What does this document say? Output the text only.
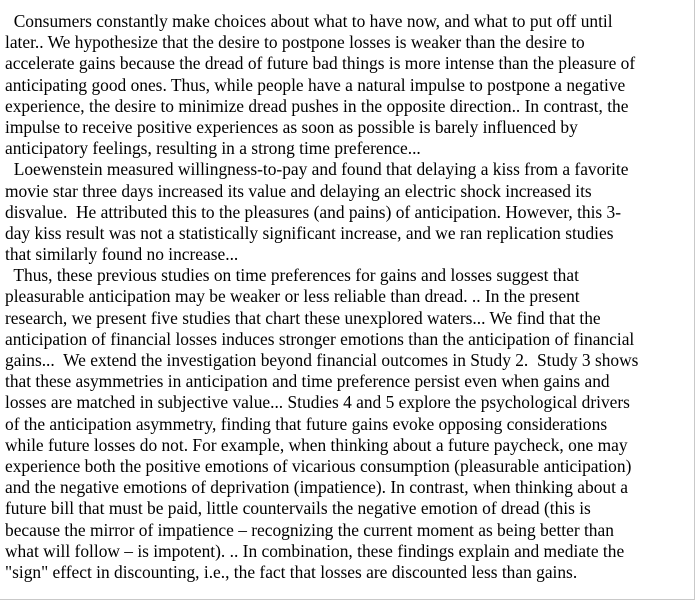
Consumers constantly make choices about what to have now, and what to put off until
later.. We hypothesize that the desire to postpone losses is weaker than the desire to
accelerate gains because the dread of future bad things is more intense than the pleasure of
anticipating good ones. Thus, while people have a natural impulse to postpone a negative
experience, the desire to minimize dread pushes in the opposite direction.. In contrast, the
impulse to receive positive experiences as soon as possible is barely influenced by
anticipatory feelings, resulting in a strong time preference...
Loewenstein measured willingness-to-pay and found that delaying a kiss from a favorite
movie star three days increased its value and delaying an electric shock increased its
disvalue.  He attributed this to the pleasures (and pains) of anticipation. However, this 3-
day kiss result was not a statistically significant increase, and we ran replication studies
that similarly found no increase...
Thus, these previous studies on time preferences for gains and losses suggest that
pleasurable anticipation may be weaker or less reliable than dread. .. In the present
research, we present five studies that chart these unexplored waters... We find that the
anticipation of financial losses induces stronger emotions than the anticipation of financial
gains...  We extend the investigation beyond financial outcomes in Study 2.  Study 3 shows
that these asymmetries in anticipation and time preference persist even when gains and
losses are matched in subjective value... Studies 4 and 5 explore the psychological drivers
of the anticipation asymmetry, finding that future gains evoke opposing considerations
while future losses do not. For example, when thinking about a future paycheck, one may
experience both the positive emotions of vicarious consumption (pleasurable anticipation)
and the negative emotions of deprivation (impatience). In contrast, when thinking about a
future bill that must be paid, little countervails the negative emotion of dread (this is
because the mirror of impatience – recognizing the current moment as being better than
what will follow – is impotent). .. In combination, these findings explain and mediate the
"sign" effect in discounting, i.e., the fact that losses are discounted less than gains.
